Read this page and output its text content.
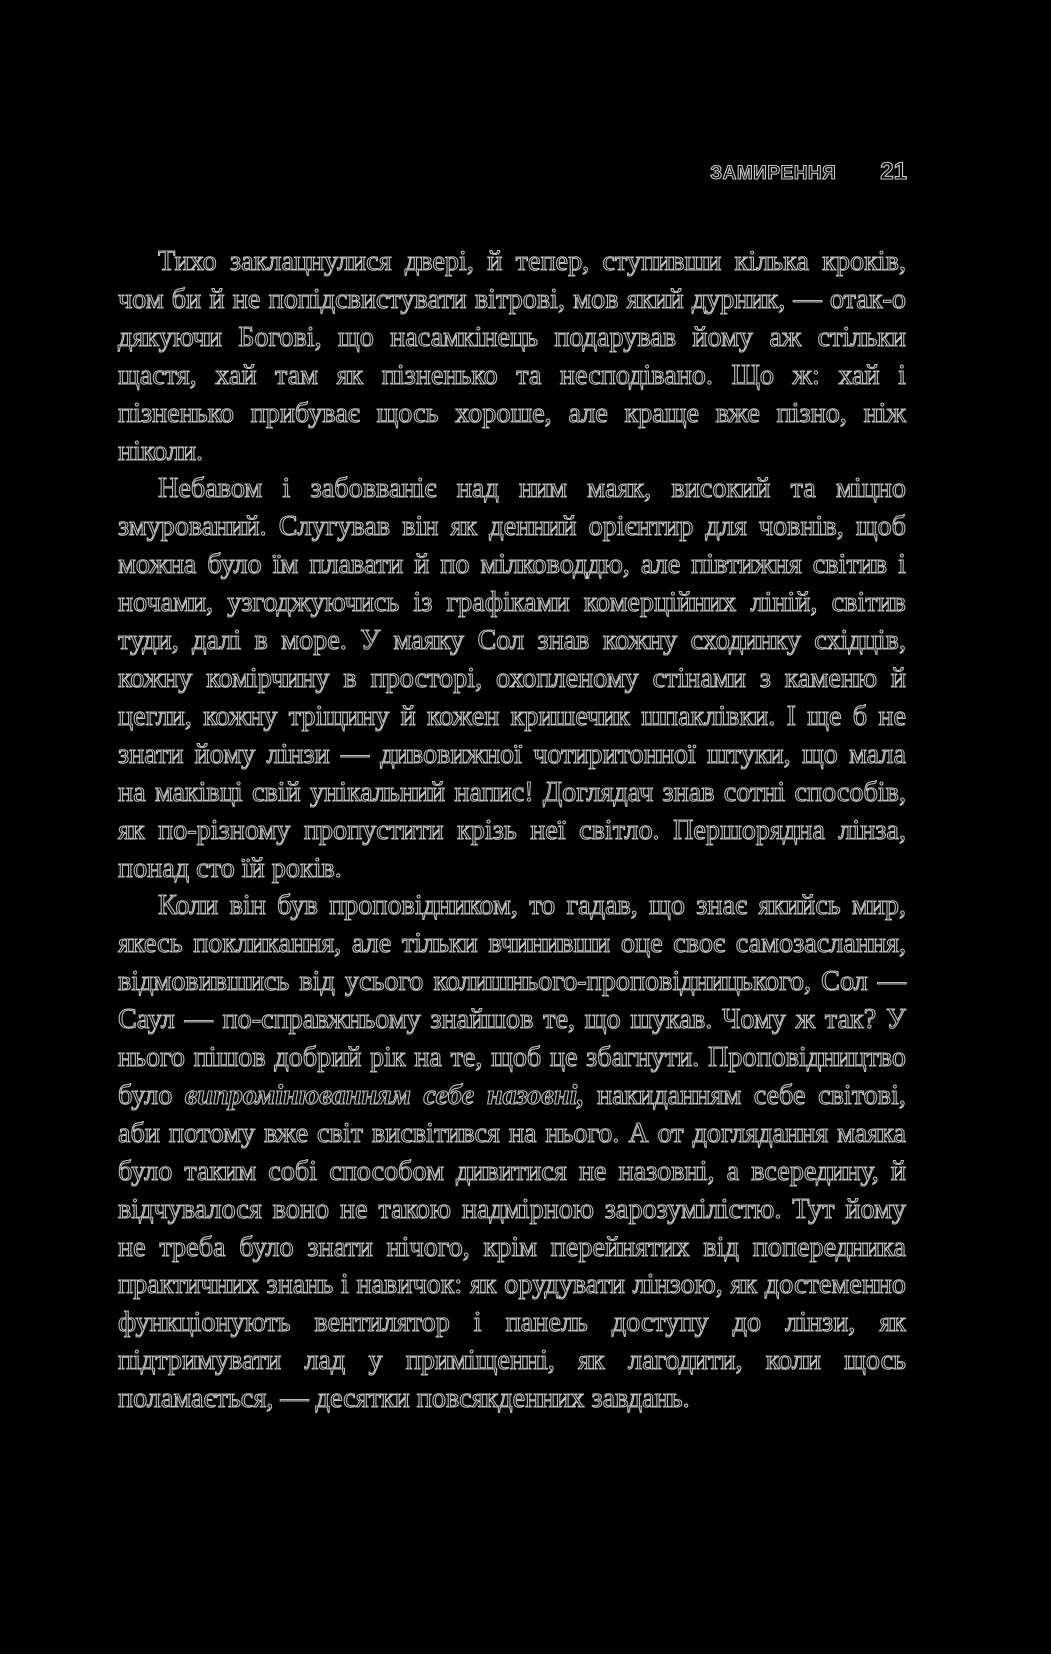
ЗАМИРЕННЯ 21

Тихо заклацнулися двері, й тепер, ступивши кілька кроків, чом би й не попідсвистувати вітрові, мов який дурник, — отак-о дякуючи Богові, що насамкінець подарував йому аж стільки щастя, хай там як пізненько та несподівано. Що ж: хай і пізненько прибуває щось хороше, але краще вже пізно, ніж ніколи.

Небавом і забовваніє над ним маяк, високий та міцно змурований. Слугував він як денний орієнтир для човнів, щоб можна було їм плавати й по мілководдю, але півтижня світив і ночами, узгоджуючись із графіками комерційних ліній, світив туди, далі в море. У маяку Сол знав кожну сходинку східців, кожну комірчину в просторі, охопленому стінами з каменю й цегли, кожну тріщину й кожен кришечик шпаклівки. І ще б не знати йому лінзи — дивовижної чотиритонної штуки, що мала на маківці свій унікальний напис! Доглядач знав сотні способів, як по-різному пропустити крізь неї світло. Першорядна лінза, понад сто їй років.

Коли він був проповідником, то гадав, що знає якийсь мир, якесь покликання, але тільки вчинивши оце своє самозаслання, відмовившись від усього колишнього-проповідницького, Сол — Саул — по-справжньому знайшов те, що шукав. Чому ж так? У нього пішов добрий рік на те, щоб це збагнути. Проповідництво було випромінюванням себе назовні, накиданням себе світові, аби потому вже світ висвітився на нього. А от доглядання маяка було таким собі способом дивитися не назовні, а всередину, й відчувалося воно не такою надмірною зарозумілістю. Тут йому не треба було знати нічого, крім перейнятих від попередника практичних знань і навичок: як орудувати лінзою, як достеменно функціонують вентилятор і панель доступу до лінзи, як підтримувати лад у приміщенні, як лагодити, коли щось поламається, — десятки повсякденних завдань.
